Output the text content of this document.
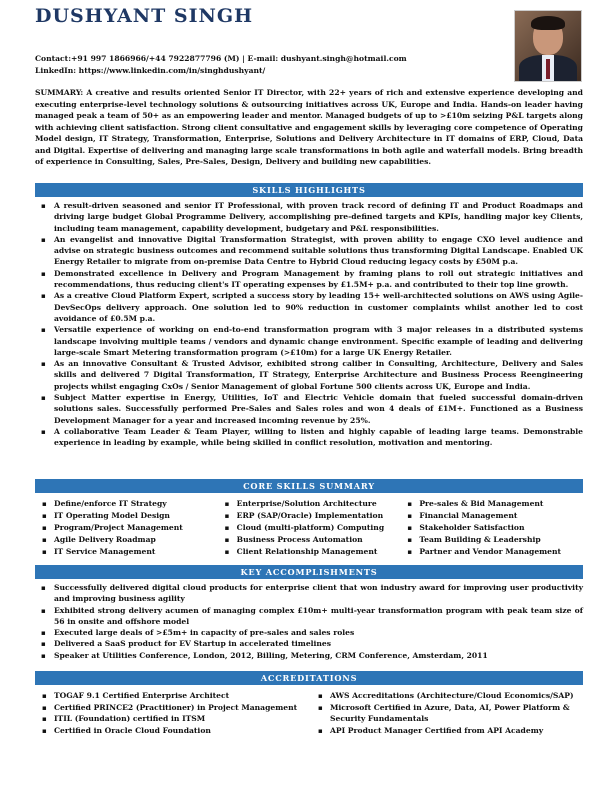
DUSHYANT SINGH
Contact:+91 997 1866966/+44 7922877796 (M) | E-mail: dushyant.singh@hotmail.com
LinkedIn: https://www.linkedin.com/in/singhdushyant/
SUMMARY: A creative and results oriented Senior IT Director, with 22+ years of rich and extensive experience developing and executing enterprise-level technology solutions & outsourcing initiatives across UK, Europe and India. Hands-on leader having managed peak a team of 50+ as an empowering leader and mentor. Managed budgets of up to >£10m seizing P&L targets along with achieving client satisfaction. Strong client consultative and engagement skills by leveraging core competence of Operating Model design, IT Strategy, Transformation, Enterprise, Solutions and Delivery Architecture in IT domains of ERP, Cloud, Data and Digital. Expertise of delivering and managing large scale transformations in both agile and waterfall models. Bring breadth of experience in Consulting, Sales, Pre-Sales, Design, Delivery and building new capabilities.
SKILLS HIGHLIGHTS
▪ A result-driven seasoned and senior IT Professional, with proven track record of defining IT and Product Roadmaps and driving large budget Global Programme Delivery, accomplishing pre-defined targets and KPIs, handling major key Clients, including team management, capability development, budgetary and P&L responsibilities.
▪ An evangelist and innovative Digital Transformation Strategist, with proven ability to engage CXO level audience and advise on strategic business outcomes and recommend suitable solutions thus transforming Digital Landscape. Enabled UK Energy Retailer to migrate from on-premise Data Centre to Hybrid Cloud reducing legacy costs by £50M p.a.
▪ Demonstrated excellence in Delivery and Program Management by framing plans to roll out strategic initiatives and recommendations, thus reducing client's IT operating expenses by £1.5M+ p.a. and contributed to their top line growth.
▪ As a creative Cloud Platform Expert, scripted a success story by leading 15+ well-architected solutions on AWS using Agile-DevSecOps delivery approach. One solution led to 90% reduction in customer complaints whilst another led to cost avoidance of £0.5M p.a.
▪ Versatile experience of working on end-to-end transformation program with 3 major releases in a distributed systems landscape involving multiple teams / vendors and dynamic change environment. Specific example of leading and delivering large-scale Smart Metering transformation program (>£10m) for a large UK Energy Retailer.
▪ As an innovative Consultant & Trusted Advisor, exhibited strong caliber in Consulting, Architecture, Delivery and Sales skills and delivered 7 Digital Transformation, IT Strategy, Enterprise Architecture and Business Process Reengineering projects whilst engaging CxOs / Senior Management of global Fortune 500 clients across UK, Europe and India.
▪ Subject Matter expertise in Energy, Utilities, IoT and Electric Vehicle domain that fueled successful domain-driven solutions sales. Successfully performed Pre-Sales and Sales roles and won 4 deals of £1M+. Functioned as a Business Development Manager for a year and increased incoming revenue by 25%.
▪ A collaborative Team Leader & Team Player, willing to listen and highly capable of leading large teams. Demonstrable experience in leading by example, while being skilled in conflict resolution, motivation and mentoring.
CORE SKILLS SUMMARY
▪ Define/enforce IT Strategy
▪ IT Operating Model Design
▪ Program/Project Management
▪ Agile Delivery Roadmap
▪ IT Service Management
▪ Enterprise/Solution Architecture
▪ ERP (SAP/Oracle) Implementation
▪ Cloud (multi-platform) Computing
▪ Business Process Automation
▪ Client Relationship Management
▪ Pre-sales & Bid Management
▪ Financial Management
▪ Stakeholder Satisfaction
▪ Team Building & Leadership
▪ Partner and Vendor Management
KEY ACCOMPLISHMENTS
▪ Successfully delivered digital cloud products for enterprise client that won industry award for improving user productivity and improving business agility
▪ Exhibited strong delivery acumen of managing complex £10m+ multi-year transformation program with peak team size of 56 in onsite and offshore model
▪ Executed large deals of >£5m+ in capacity of pre-sales and sales roles
▪ Delivered a SaaS product for EV Startup in accelerated timelines
▪ Speaker at Utilities Conference, London, 2012, Billing, Metering, CRM Conference, Amsterdam, 2011
ACCREDITATIONS
▪ TOGAF 9.1 Certified Enterprise Architect
▪ Certified PRINCE2 (Practitioner) in Project Management
▪ ITIL (Foundation) certified in ITSM
▪ Certified in Oracle Cloud Foundation
▪ AWS Accreditations (Architecture/Cloud Economics/SAP)
▪ Microsoft Certified in Azure, Data, AI, Power Platform & Security Fundamentals
▪ API Product Manager Certified from API Academy
